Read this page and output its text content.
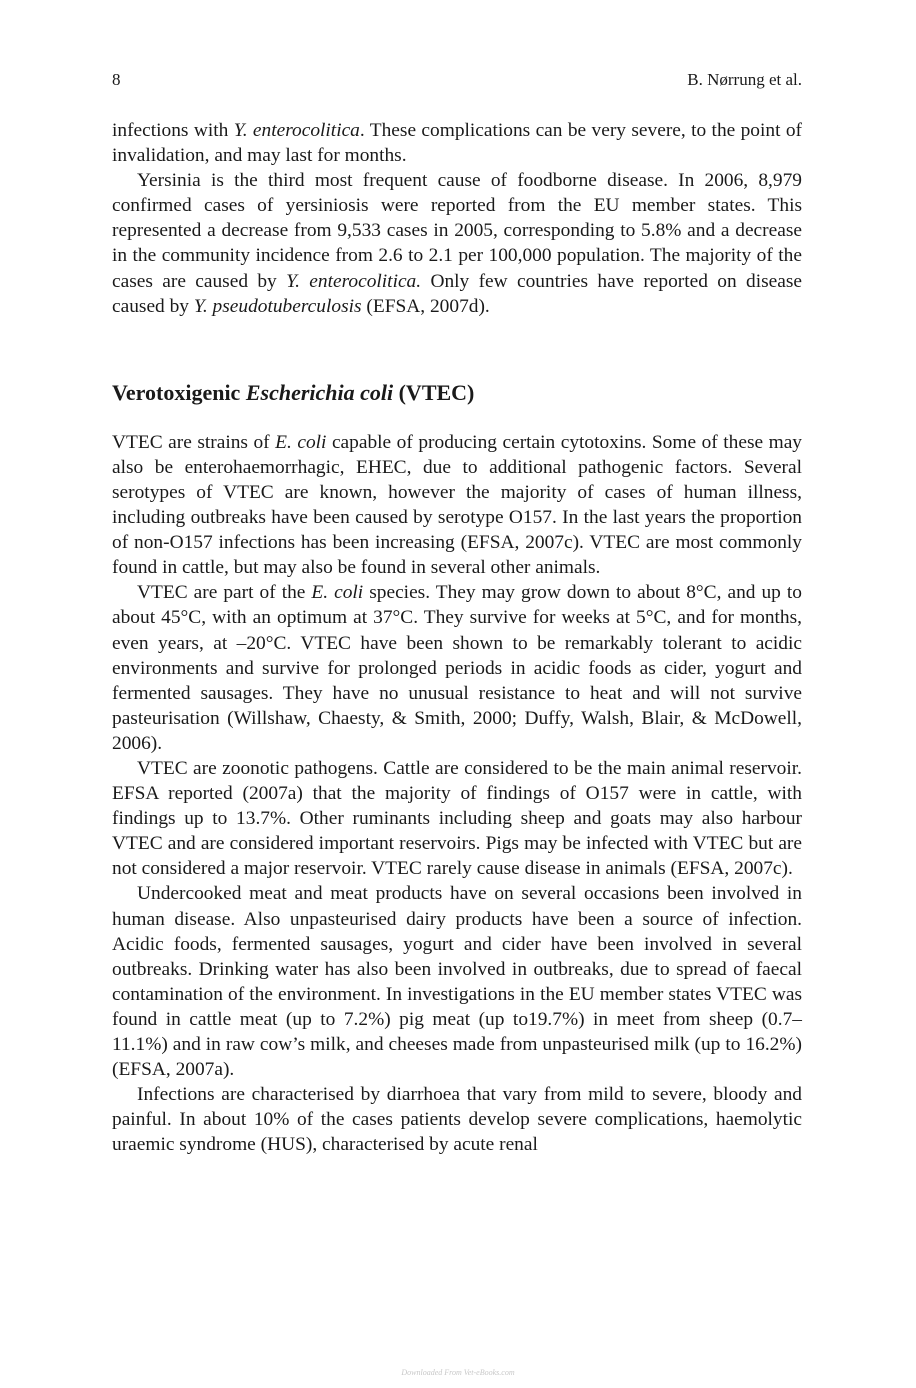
8	B. Nørrung et al.

infections with Y. enterocolitica. These complications can be very severe, to the point of invalidation, and may last for months.

Yersinia is the third most frequent cause of foodborne disease. In 2006, 8,979 confirmed cases of yersiniosis were reported from the EU member states. This represented a decrease from 9,533 cases in 2005, corresponding to 5.8% and a decrease in the community incidence from 2.6 to 2.1 per 100,000 population. The majority of the cases are caused by Y. enterocolitica. Only few countries have reported on disease caused by Y. pseudotuberculosis (EFSA, 2007d).

Verotoxigenic Escherichia coli (VTEC)

VTEC are strains of E. coli capable of producing certain cytotoxins. Some of these may also be enterohaemorrhagic, EHEC, due to additional pathogenic factors. Several serotypes of VTEC are known, however the majority of cases of human illness, including outbreaks have been caused by serotype O157. In the last years the proportion of non-O157 infections has been increasing (EFSA, 2007c). VTEC are most commonly found in cattle, but may also be found in several other animals.

VTEC are part of the E. coli species. They may grow down to about 8°C, and up to about 45°C, with an optimum at 37°C. They survive for weeks at 5°C, and for months, even years, at –20°C. VTEC have been shown to be remarkably tolerant to acidic environments and survive for prolonged periods in acidic foods as cider, yogurt and fermented sausages. They have no unusual resistance to heat and will not survive pasteurisation (Willshaw, Chaesty, & Smith, 2000; Duffy, Walsh, Blair, & McDowell, 2006).

VTEC are zoonotic pathogens. Cattle are considered to be the main animal reservoir. EFSA reported (2007a) that the majority of findings of O157 were in cattle, with findings up to 13.7%. Other ruminants including sheep and goats may also harbour VTEC and are considered important reservoirs. Pigs may be infected with VTEC but are not considered a major reservoir. VTEC rarely cause disease in animals (EFSA, 2007c).

Undercooked meat and meat products have on several occasions been involved in human disease. Also unpasteurised dairy products have been a source of infection. Acidic foods, fermented sausages, yogurt and cider have been involved in several outbreaks. Drinking water has also been involved in outbreaks, due to spread of faecal contamination of the environment. In investigations in the EU member states VTEC was found in cattle meat (up to 7.2%) pig meat (up to19.7%) in meet from sheep (0.7–11.1%) and in raw cow’s milk, and cheeses made from unpasteurised milk (up to 16.2%) (EFSA, 2007a).

Infections are characterised by diarrhoea that vary from mild to severe, bloody and painful. In about 10% of the cases patients develop severe complications, haemolytic uraemic syndrome (HUS), characterised by acute renal

Downloaded From Vet-eBooks.com
